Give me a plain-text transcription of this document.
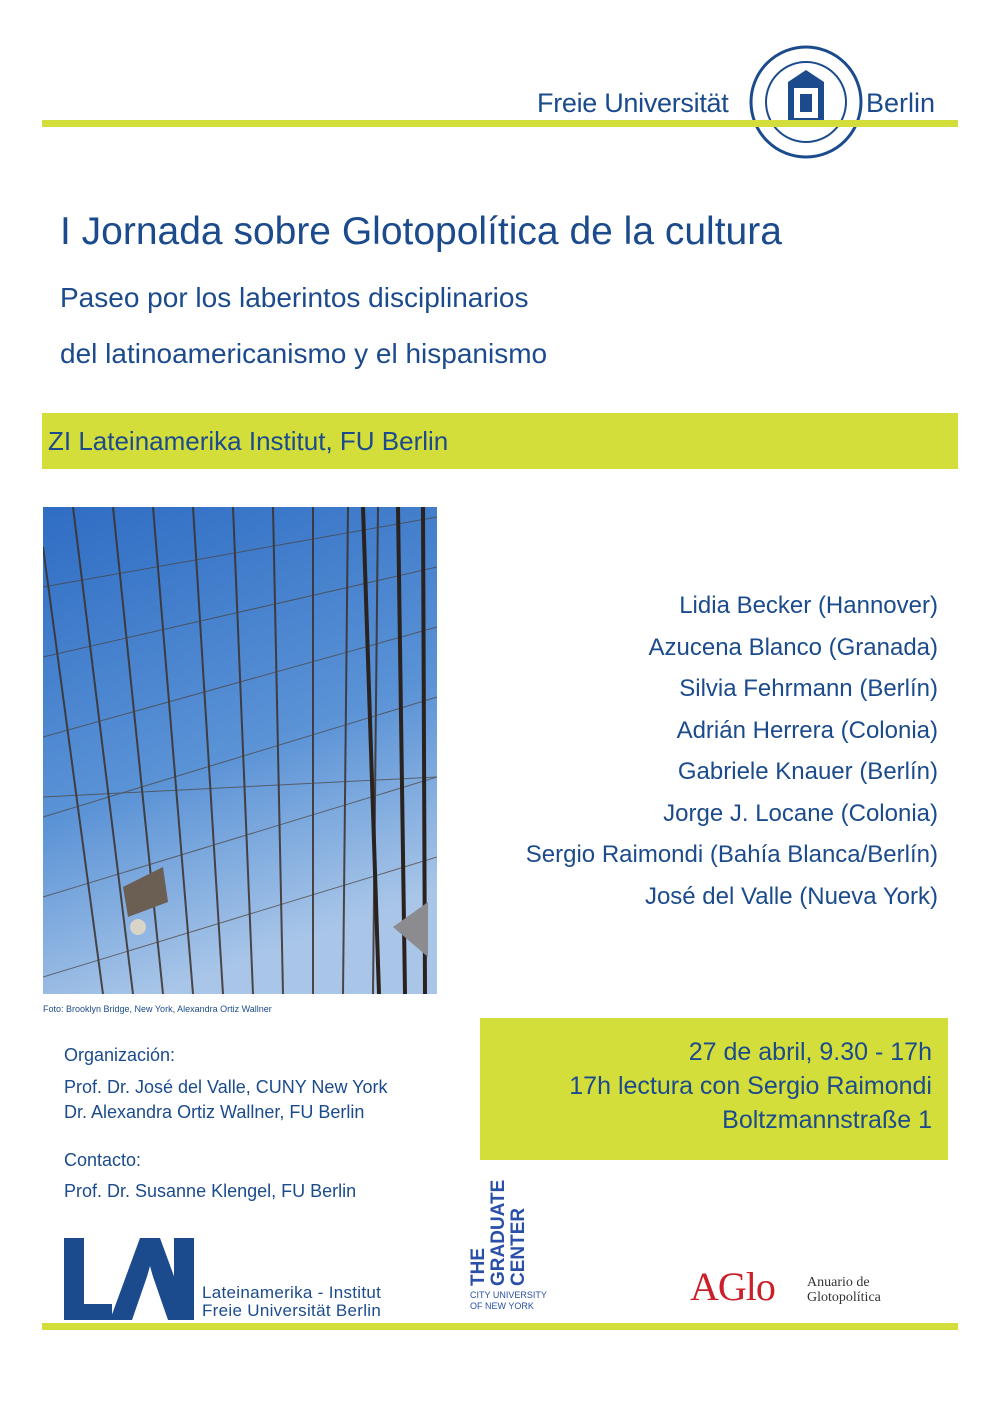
Freie Universität	Berlin
I Jornada sobre Glotopolítica de la cultura
Paseo por los laberintos disciplinarios
del latinoamericanismo y el hispanismo
ZI Lateinamerika Institut, FU Berlin
Foto: Brooklyn Bridge, New York, Alexandra Ortiz Wallner
Lidia Becker (Hannover)
Azucena Blanco (Granada)
Silvia Fehrmann (Berlín)
Adrián Herrera (Colonia)
Gabriele Knauer (Berlín)
Jorge J. Locane (Colonia)
Sergio Raimondi (Bahía Blanca/Berlín)
José del Valle (Nueva York)
27 de abril, 9.30 - 17h
17h lectura con Sergio Raimondi
Boltzmannstraße 1
Organización:
Prof. Dr. José del Valle, CUNY New York
Dr. Alexandra Ortiz Wallner, FU Berlin
Contacto:
Prof. Dr. Susanne Klengel, FU Berlin
Lateinamerika - Institut
Freie Universität Berlin
THE GRADUATE CENTER
CITY UNIVERSITY
OF NEW YORK	AGlo Anuario de
Glotopolítica
